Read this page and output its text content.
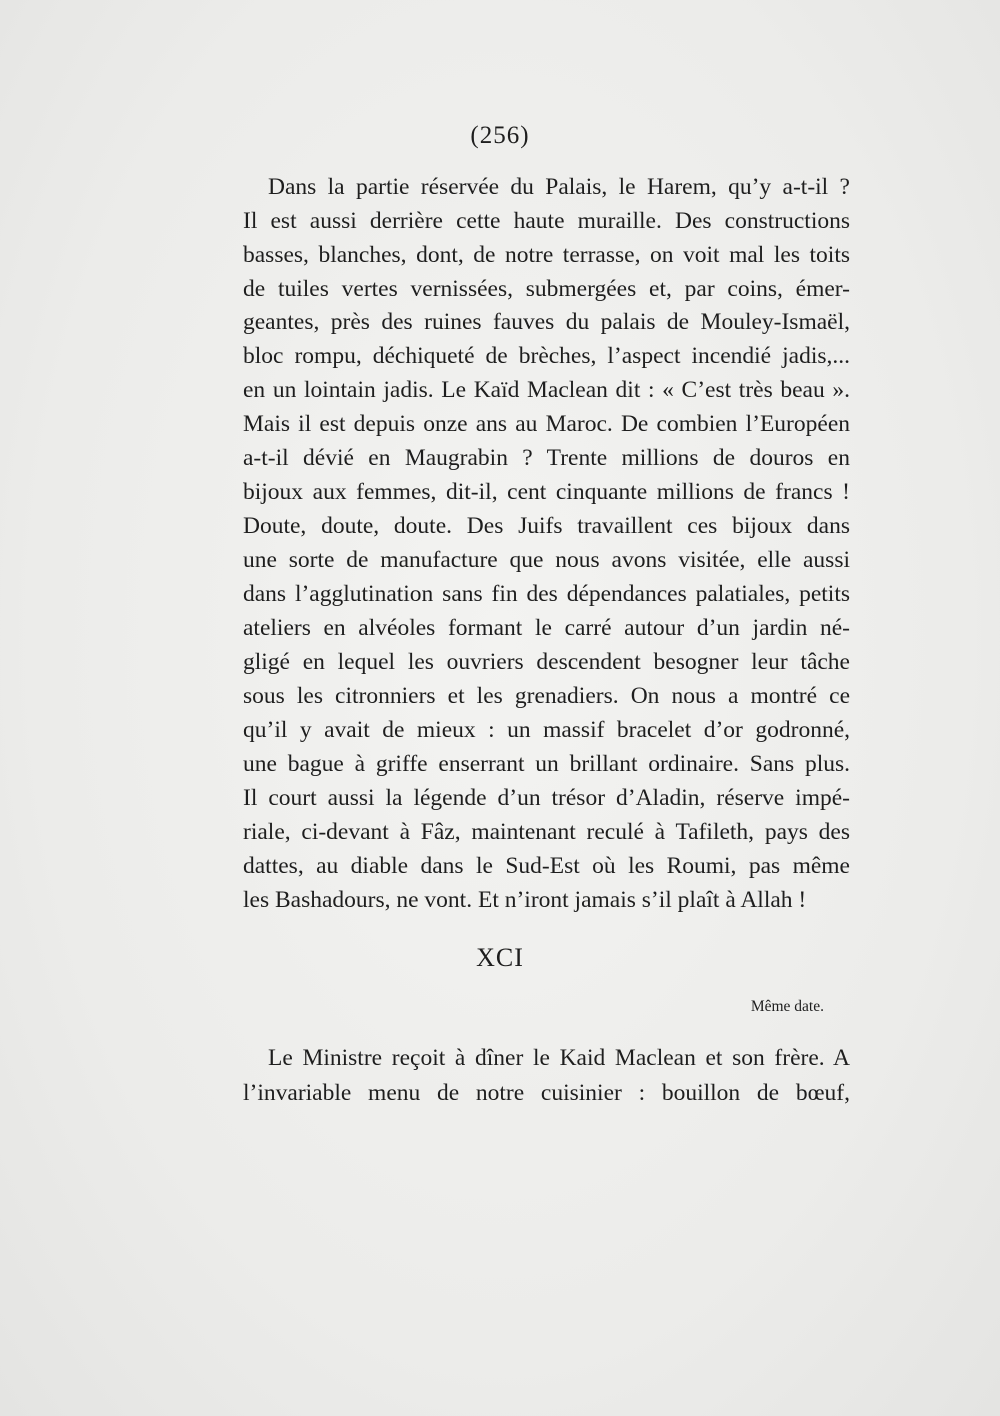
(256)
Dans la partie réservée du Palais, le Harem, qu’y a-t-il ?
Il est aussi derrière cette haute muraille. Des constructions
basses, blanches, dont, de notre terrasse, on voit mal les toits
de tuiles vertes vernissées, submergées et, par coins, émer-
geantes, près des ruines fauves du palais de Mouley-Ismaël,
bloc rompu, déchiqueté de brèches, l’aspect incendié jadis,...
en un lointain jadis. Le Kaïd Maclean dit : « C’est très beau ».
Mais il est depuis onze ans au Maroc. De combien l’Européen
a-t-il dévié en Maugrabin ? Trente millions de douros en
bijoux aux femmes, dit-il, cent cinquante millions de francs !
Doute, doute, doute. Des Juifs travaillent ces bijoux dans
une sorte de manufacture que nous avons visitée, elle aussi
dans l’agglutination sans fin des dépendances palatiales, petits
ateliers en alvéoles formant le carré autour d’un jardin né-
gligé en lequel les ouvriers descendent besogner leur tâche
sous les citronniers et les grenadiers. On nous a montré ce
qu’il y avait de mieux : un massif bracelet d’or godronné,
une bague à griffe enserrant un brillant ordinaire. Sans plus.
Il court aussi la légende d’un trésor d’Aladin, réserve impé-
riale, ci-devant à Fâz, maintenant reculé à Tafileth, pays des
dattes, au diable dans le Sud-Est où les Roumi, pas même
les Bashadours, ne vont. Et n’iront jamais s’il plaît à Allah !
XCI
Même date.
Le Ministre reçoit à dîner le Kaid Maclean et son frère. A
l’invariable menu de notre cuisinier : bouillon de bœuf,
